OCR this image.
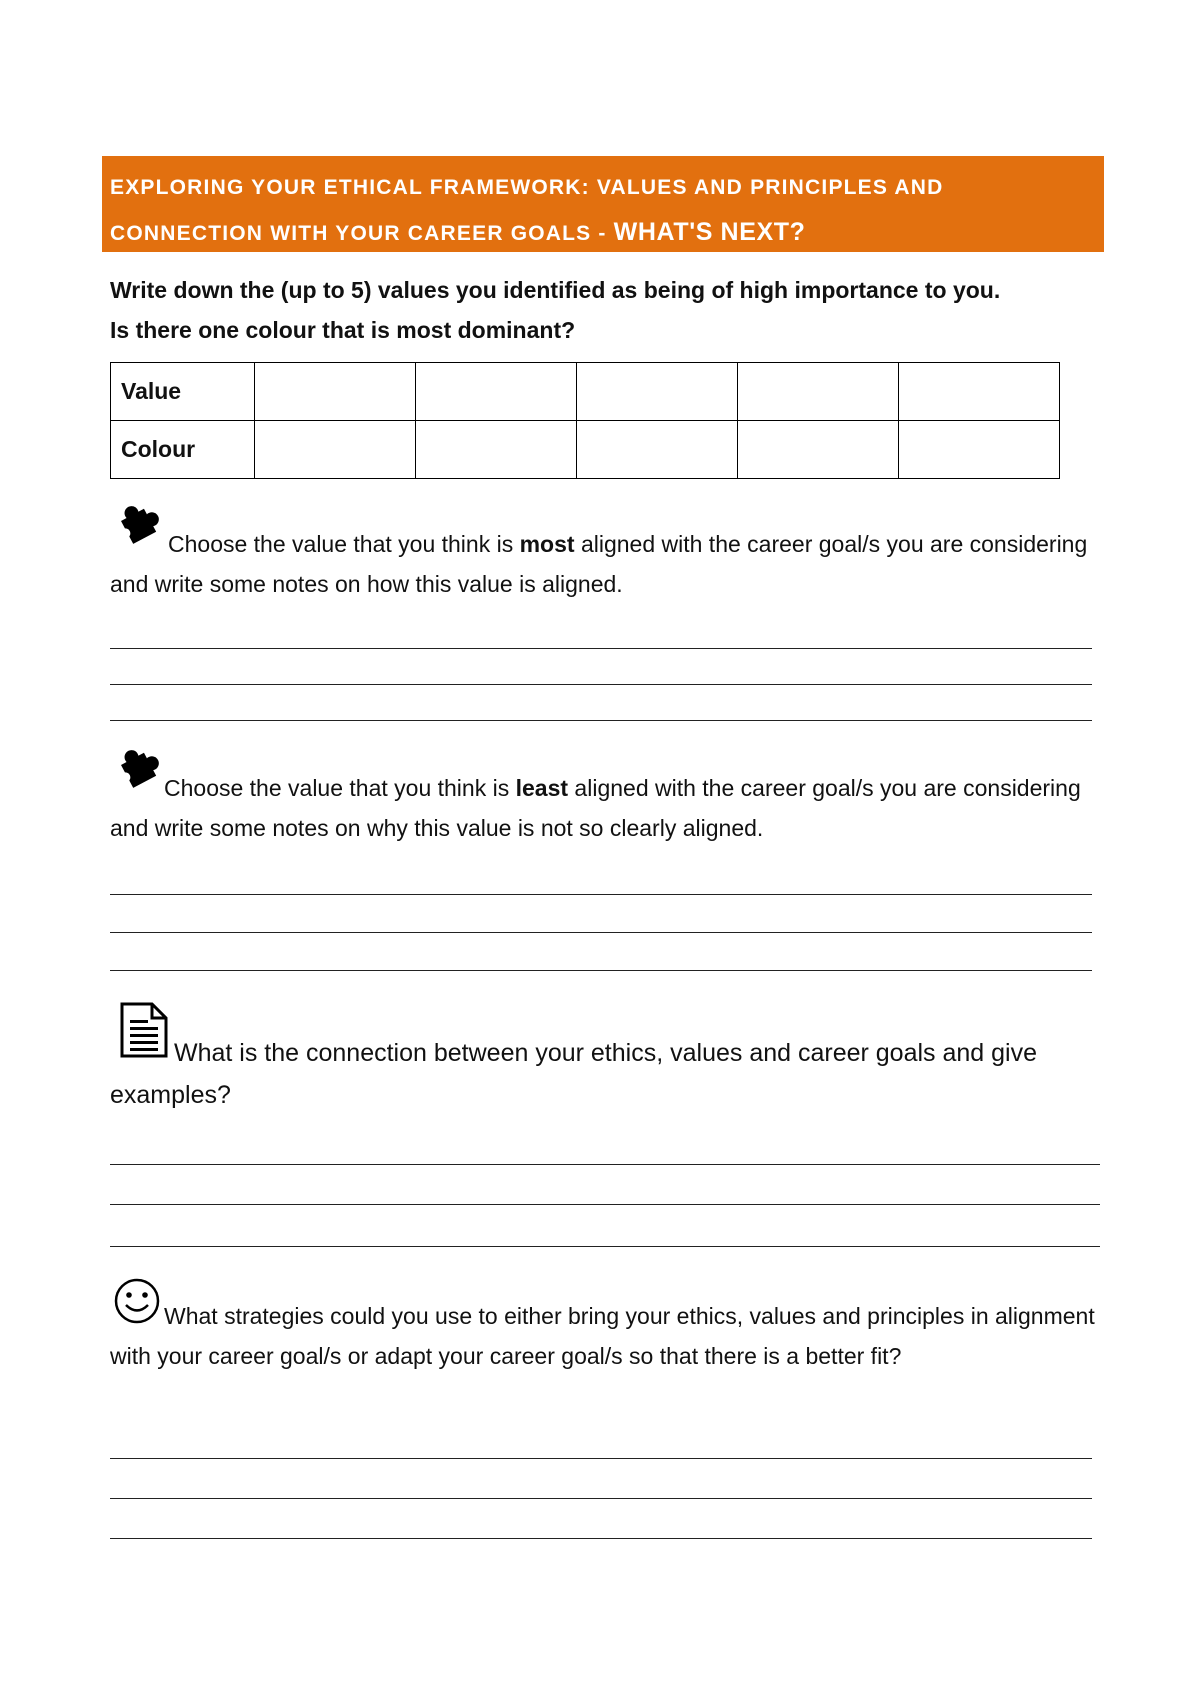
EXPLORING YOUR ETHICAL FRAMEWORK: VALUES AND PRINCIPLES AND
CONNECTION WITH YOUR CAREER GOALS - WHAT'S NEXT?
Write down the (up to 5) values you identified as being of high importance to you.
Is there one colour that is most dominant?
Value					
Colour					
Choose the value that you think is most aligned with the career goal/s you are considering and write some notes on how this value is aligned.
Choose the value that you think is least aligned with the career goal/s you are considering and write some notes on why this value is not so clearly aligned.
What is the connection between your ethics, values and career goals and give examples?
What strategies could you use to either bring your ethics, values and principles in alignment with your career goal/s or adapt your career goal/s so that there is a better fit?
